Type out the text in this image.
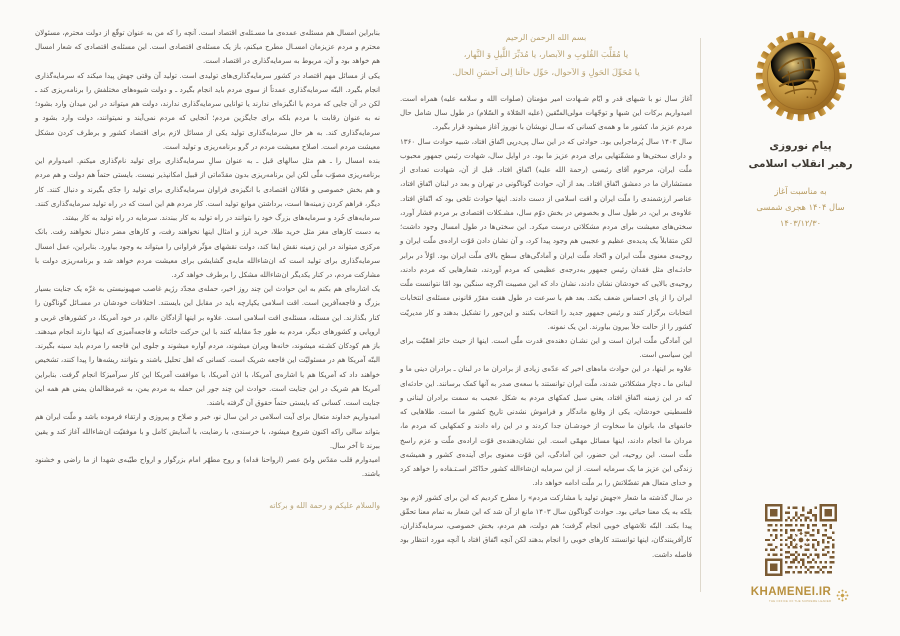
بسم الله الرحمن الرحیم
یا مُقَلِّبَ القُلوبِ و الاَبصار، یا مُدَبِّرَ اللَّیلِ وَ النَّهار،
یا مُحَوِّلَ الحَولِ وَ الاَحوال، حَوِّل حالَنا اِلی اَحسَنِ الحال.

آغاز سال نو با شبهای قدر و ایّام شـهادت امیر مؤمنان (صلوات الله و سلامه علیه) همراه است. امیدواریم برکات این شبها و توجّهات مولی‌المتّقین (علیه الصّلاة و السّلام) در طول سال شامل حال مردم عزیز ما، کشور ما و همه‌ی کسانی که سـال نویشان با نوروز آغاز میشود قرار بگیرد.

سال ۱۴۰۳ سال پُرماجرایی بود. حوادثی که در این سال پی‌درپی اتّفاق افتاد، شبیه حوادث سال ۱۳۶۰ و دارای سختی‌ها و مشقّتهایی برای مردم عزیز ما بود. در اوایل سال، شهادت رئیس جمهور محبوب ملّت ایران، مرحوم آقای رئیسی (رحمة الله علیه) اتّفاق افتاد. قبل از آن، شهادت تعدادی از مستشاران ما در دمشق اتّفاق افتاد. بعد از آن، حوادث گوناگونی در تهران و بعد در لبنان اتّفاق افتاد، عناصر ارزشمندی را ملّت ایران و اقت اسلامی از دست دادند. اینها حوادث تلخی بود که اتّفاق افتاد. علاوه‌ی بر این، در طول سال و بخصوص در بخش دوّم سال، مشـکلات اقتصادی بر مردم فشار آورد، سختی‌های معیشت برای مردم مشکلاتی درست میکرد. این سختی‌ها در طول امسال وجود داشت؛ لکن متقابلاً یک پدیده‌ی عظیم و عجیبی هم وجود پیدا کرد، و آن نشان دادن قوّت اراده‌ی ملّت ایران و روحیه‌ی معنوی ملّت ایران و اتّحاد ملّت ایران و آمادگی‌های سطح بالای ملّت ایران بود. اوّلاً در برابر حادثـه‌ای مثل فقدان رئیس جمهور به‌درجه‌ی عظیمی که مردم آوردند، شعارهایی که مردم دادند، روحیه‌ی بالایی که خودشان نشان دادند، نشان داد که این مصیبت اگرچه سنگین بود امّا نتوانست ملّت ایران را از پای احساس ضعف بکند. بعد هم با سرعت در طول هفت مقرّر قانونی مسئله‌ی انتخابات انتخابات برگزار کنند و رئیس جمهور جدید را انتخاب بکنند و این‌جور را تشکیل بدهند و کار مدیریّت کشور را از حالت خلأ بیرون بیاورند. این یک نمونه.

این آمادگی ملّت ایران است و این نشـان دهنده‌ی قدرت ملّی است. اینها از حیث حائز اهمّیّت برای این سیاسی است.

علاوه بر اینها، در این حوادث ماه‌های اخیر که عدّه‌ی زیادی از برادران ما در لبنان ـ برادران دینی ما و لبنانی ما ـ دچار مشکلاتی شدند، ملّت ایران توانستند با سعه‌ی صدر به آنها کمک برسانند. این حادثه‌ای که در این زمینه اتّفاق افتاد، یعنی سیل کمکهای مردم به شکل عجیب به سمت برادران لبنانی و فلسطینی خودشان، یکی از وقایع ماندگار و فراموش نشدنی تاریخ کشور ما است. طلاهایی که خانمهای ما، بانوان ما سخاوت از خودشـان جدا کردند و در این راه دادند و کمکهایی که مردم ما، مردان ما انجام دادند، اینها مسائل مهمّی است. این نشان‌دهنده‌ی قوّت اراده‌ی ملّت و عزم راسخ ملّت است. این روحیه، این حضور، این آمادگی، این قوّت معنوی برای آینده‌ی کشور و همیشه‌ی زندگی این عزیز ما یک سرمایه است. از این سرمایه ان‌شاءالله کشور حدّاکثر اسـتـفاده را خواهد کرد و خدای متعال هم تفضّلاتش را بر ملّت ادامه خواهد داد.

در سال گذشته ما شعار «جهش تولید با مشارکت مردم» را مطرح کردیم که این برای کشور لازم بود بلکه به یک معنا حیاتی بود. حوادث گوناگون سال ۱۴۰۳ مانع از آن شد که این شعار به تمام معنا تحقّق پیدا بکند. البتّه تلاشهای خوبی انجام گرفت؛ هم دولت، هم مردم، بخش خصوصی، سرمایه‌گذاران، کارآفرینندگان، اینها توانستند کارهای خوبی را انجام بدهند لکن آنچه اتّفاق افتاد با آنچه مورد انتظار بود فاصله داشت.

بنابراین امسال هم مسئله‌ی عمده‌ی ما مسـئله‌ی اقتصاد است. آنچه را که من به عنوان توقّع از دولت محترم، مسئولان محترم و مردم عزیزمان امسـال مطرح میکنم، باز یک مسئله‌ی اقتصادی است. این مسئله‌ی اقتصادی که شعار امسال هم خواهد بود و آن، مربوط به سرمایه‌گذاری در اقتصاد است.

یکی از مسائل مهم اقتصاد در کشور سرمایه‌گذاری‌های تولیدی است. تولید آن وقتی جهش پیدا میکند که سرمایه‌گذاری انجام بگیرد. البتّه سرمایه‌گذاری عمدتاً از سوی مردم باید انجام بگیرد ـ و دولت شیوه‌های مختلفش را برنامه‌ریزی کند ـ لکن در آن جایی که مردم یا انگیزه‌ای ندارند یا توانایی سرمایه‌گذاری ندارند، دولت هم میتواند در این میدان وارد بشود؛ نه به عنوان رقابت با مردم بلکه برای جایگزین مردم؛ آنجایی که مردم نمی‌آیند و نمیتوانند، دولت وارد بشود و سرمایه‌گذاری کند. به هر حال سرمایه‌گذاری تولید یکی از مسائل لازم برای اقتصاد کشور و برطرف کردن مشکل معیشت مردم است. اصلاح معیشت مردم در گرو برنامه‌ریزی و تولید است.

بنده امسال را ـ هم مثل سالهای قبل ـ به عنوان سالِ سرمایه‌گذاری برای تولید نام‌گذاری میکنم. امیدوارم این برنامه‌ریزی مصوّب ملّی لکن این برنامه‌ریزی بدون مقدّماتی از قبیل امکانپذیر نیست. بایستی حتماً هم دولت و هم مردم و هم بخش خصوصی و فعّالان اقتصادی با انگیزه‌ی فراوان سرمایه‌گذاری برای تولید را جدّی بگیرند و دنبال کنند. کار دیگر، فراهم کردن زمینه‌ها است، برداشتن موانع تولید است. کار مردم هم این است که در راه تولید سرمایه‌گذاری کنند. سرمایه‌های خُرد و سرمایه‌های بزرگ خود را بتوانند در راه تولید به کار ببندند. سرمایه در راه تولید به کار بیفتد.

به دست کارهای مغز مثل خرید طلا، خرید ارز و امثال اینها نخواهند رفت، و کارهای مضر دنبال نخواهند رفت. بانک مرکزی میتواند در این زمینه نقش ایفا کند، دولت نقشهای مؤثّر فراوانی را میتواند به وجود بیاورد. بنابراین، عمل امسال سرمایه‌گذاری برای تولید است که ان‌شاءالله مایه‌ی گشایشی برای معیشت مردم خواهد شد و برنامه‌ریزی دولت با مشارکت مردم، در کنار یکدیگر ان‌شاءالله مشکل را برطرف خواهد کرد.

یک اشاره‌ای هم بکنم به این حوادث این چند روز اخیر، حمله‌ی مجدّد رژیم غاصب صهیونیستی به غزّه یک جنایت بسیار بزرگ و فاجعه‌آفرین است. اقت اسلامی یکپارچه باید در مقابل این بایستند. اختلافات خودشان در مسـائل گوناگون را کنار بگذارند. این مسئله، مسئله‌ی اقت اسلامی است. علاوه بر اینها آزادگان عالم، در خود آمریکا، در کشورهای غربی و اروپایی و کشورهای دیگر، مردم به طور جدّ مقابله کنند با این حرکت خائنانه و فاجعه‌آمیزی که اینها دارند انجام میدهند. باز هم کودکان کشـته میشوند، خانه‌ها ویران میشوند، مردم آواره میشوند و جلوی این فاجعه را مردم باید سینه بگیرند. البتّه آمریکا هم در مسئولیّت این فاجعه شریک است. کسانی که اهل تحلیل باشند و بتوانند ریشه‌ها را پیدا کنند، تشخیص خواهند داد که آمریکا هم با اشاره‌ی آمریکا، با اذن آمریکا، با موافقت آمریکا این کار سرآمیزکا انجام گرفت. بنابراین آمریکا هم شریک در این جنایت است. حوادث این چند جور این حمله به مردم یمن، به غیرمظالمان یمنی هم همه این جنایت است. کسانی که بایستی حتماً حقوق آن گرفته باشند.

امیدواریم خداوند متعال برای آیت اسلامی در این سال نو، خیر و صلاح و پیروزی و ارتقاء فرموده باشد و ملّت ایران هم بتواند سالی راکه اکنون شروع میشود، با خرسندی، با رضایت، با آسایش کامل و با موفقیّت ان‌شاءالله آغاز کند و یقین ببرند تا آخر سال.

امیدوارم قلب مقدّس ولیّ عصر (ارواحنا فداه) و روح مطهّر امام بزرگوار و ارواح طیّبه‌ی شهدا از ما راضی و خشنود باشند.

والسلام علیکم و رحمة الله و برکاته
پیام نوروزی
رهبر انقلاب اسلامی
به مناسبت آغاز
سال ۱۴۰۴ هجری شمسی
۱۴۰۳/۱۲/۳۰
KHAMENEI.IR
THE OFFICE OF THE SUPREME LEADER
